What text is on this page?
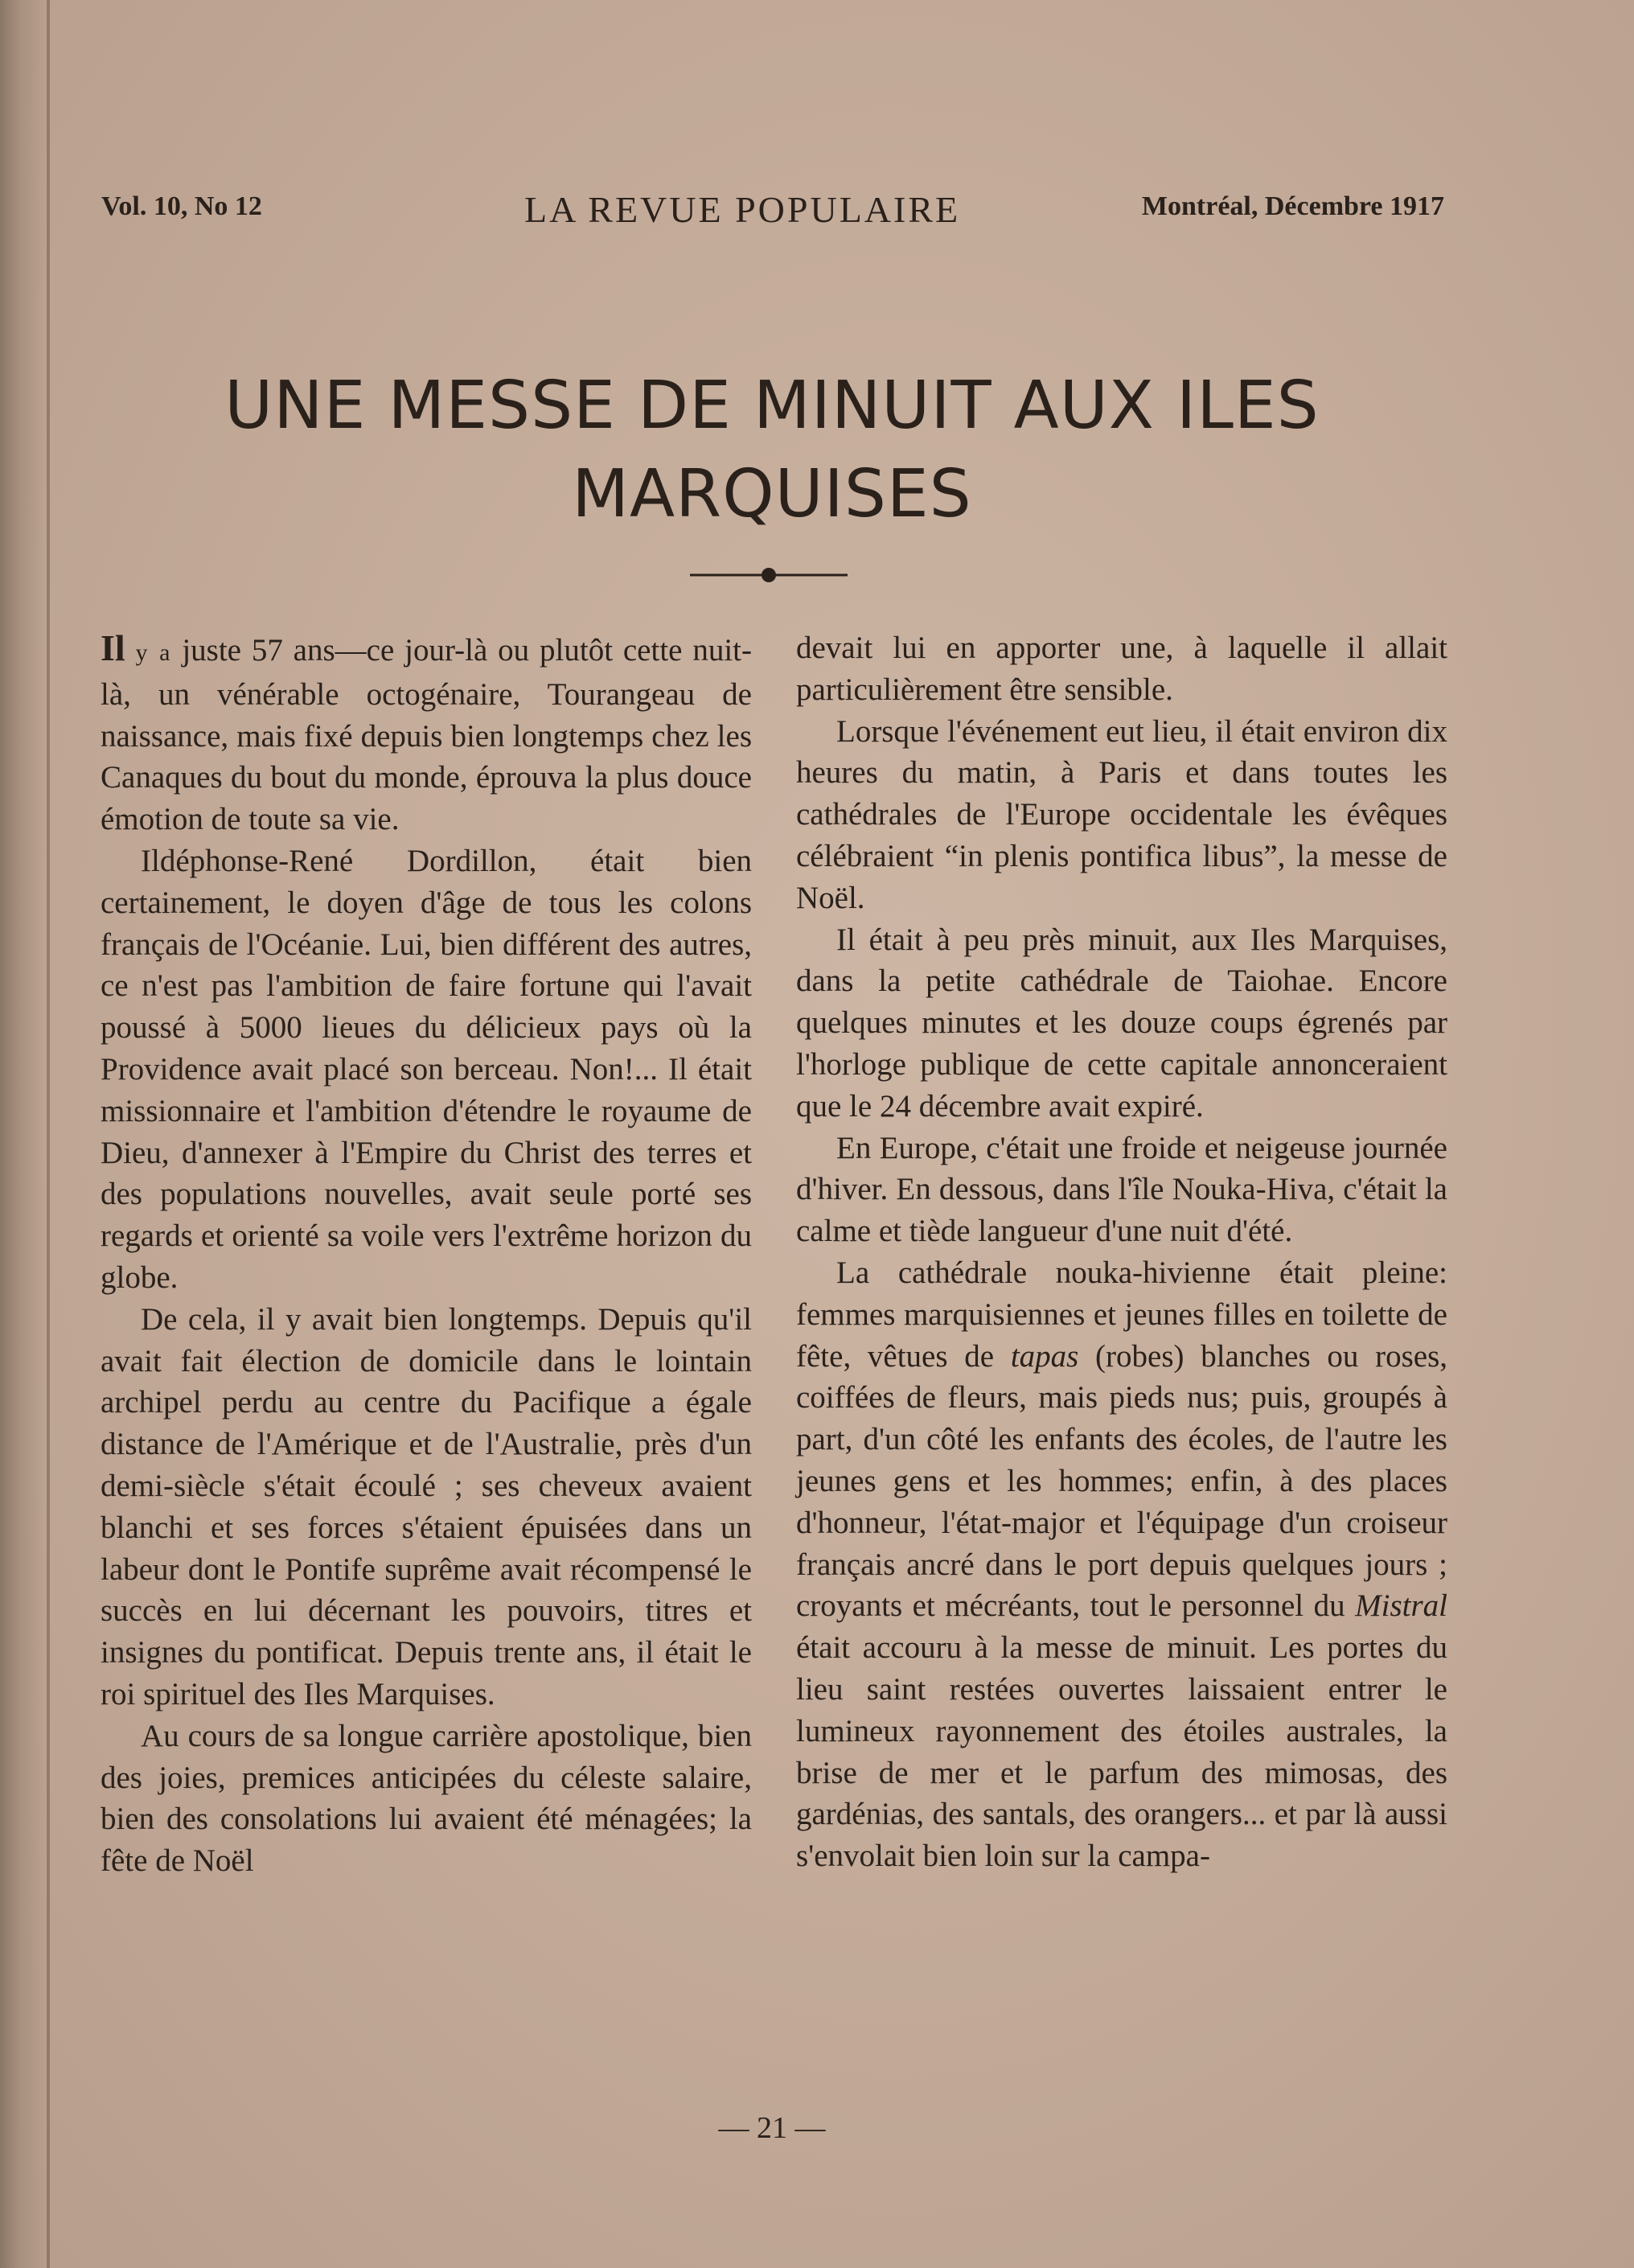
Vol. 10, No 12	LA REVUE POPULAIRE	Montréal, Décembre 1917
UNE MESSE DE MINUIT AUX ILES MARQUISES

Il y a juste 57 ans—ce jour-là ou plutôt cette nuit-là, un vénérable octogénaire, Tourangeau de naissance, mais fixé depuis bien longtemps chez les Canaques du bout du monde, éprouva la plus douce émotion de toute sa vie.

Ildéphonse-René Dordillon, était bien certainement, le doyen d'âge de tous les colons français de l'Océanie. Lui, bien différent des autres, ce n'est pas l'ambition de faire fortune qui l'avait poussé à 5000 lieues du délicieux pays où la Providence avait placé son berceau. Non!... Il était missionnaire et l'ambition d'étendre le royaume de Dieu, d'annexer à l'Empire du Christ des terres et des populations nouvelles, avait seule porté ses regards et orienté sa voile vers l'extrême horizon du globe.

De cela, il y avait bien longtemps. Depuis qu'il avait fait élection de domicile dans le lointain archipel perdu au centre du Pacifique a égale distance de l'Amérique et de l'Australie, près d'un demi-siècle s'était écoulé ; ses cheveux avaient blanchi et ses forces s'étaient épuisées dans un labeur dont le Pontife suprême avait récompensé le succès en lui décernant les pouvoirs, titres et insignes du pontificat. Depuis trente ans, il était le roi spirituel des Iles Marquises.

Au cours de sa longue carrière apostolique, bien des joies, premices anticipées du céleste salaire, bien des consolations lui avaient été ménagées; la fête de Noël

devait lui en apporter une, à laquelle il allait particulièrement être sensible.

Lorsque l'événement eut lieu, il était environ dix heures du matin, à Paris et dans toutes les cathédrales de l'Europe occidentale les évêques célébraient “in plenis pontifica libus”, la messe de Noël.

Il était à peu près minuit, aux Iles Marquises, dans la petite cathédrale de Taiohae. Encore quelques minutes et les douze coups égrenés par l'horloge publique de cette capitale annonceraient que le 24 décembre avait expiré.

En Europe, c'était une froide et neigeuse journée d'hiver. En dessous, dans l'île Nouka-Hiva, c'était la calme et tiède langueur d'une nuit d'été.

La cathédrale nouka-hivienne était pleine: femmes marquisiennes et jeunes filles en toilette de fête, vêtues de tapas (robes) blanches ou roses, coiffées de fleurs, mais pieds nus; puis, groupés à part, d'un côté les enfants des écoles, de l'autre les jeunes gens et les hommes; enfin, à des places d'honneur, l'état-major et l'équipage d'un croiseur français ancré dans le port depuis quelques jours ; croyants et mécréants, tout le personnel du Mistral était accouru à la messe de minuit. Les portes du lieu saint restées ouvertes laissaient entrer le lumineux rayonnement des étoiles australes, la brise de mer et le parfum des mimosas, des gardénias, des santals, des orangers... et par là aussi s'envolait bien loin sur la campa-

— 21 —
